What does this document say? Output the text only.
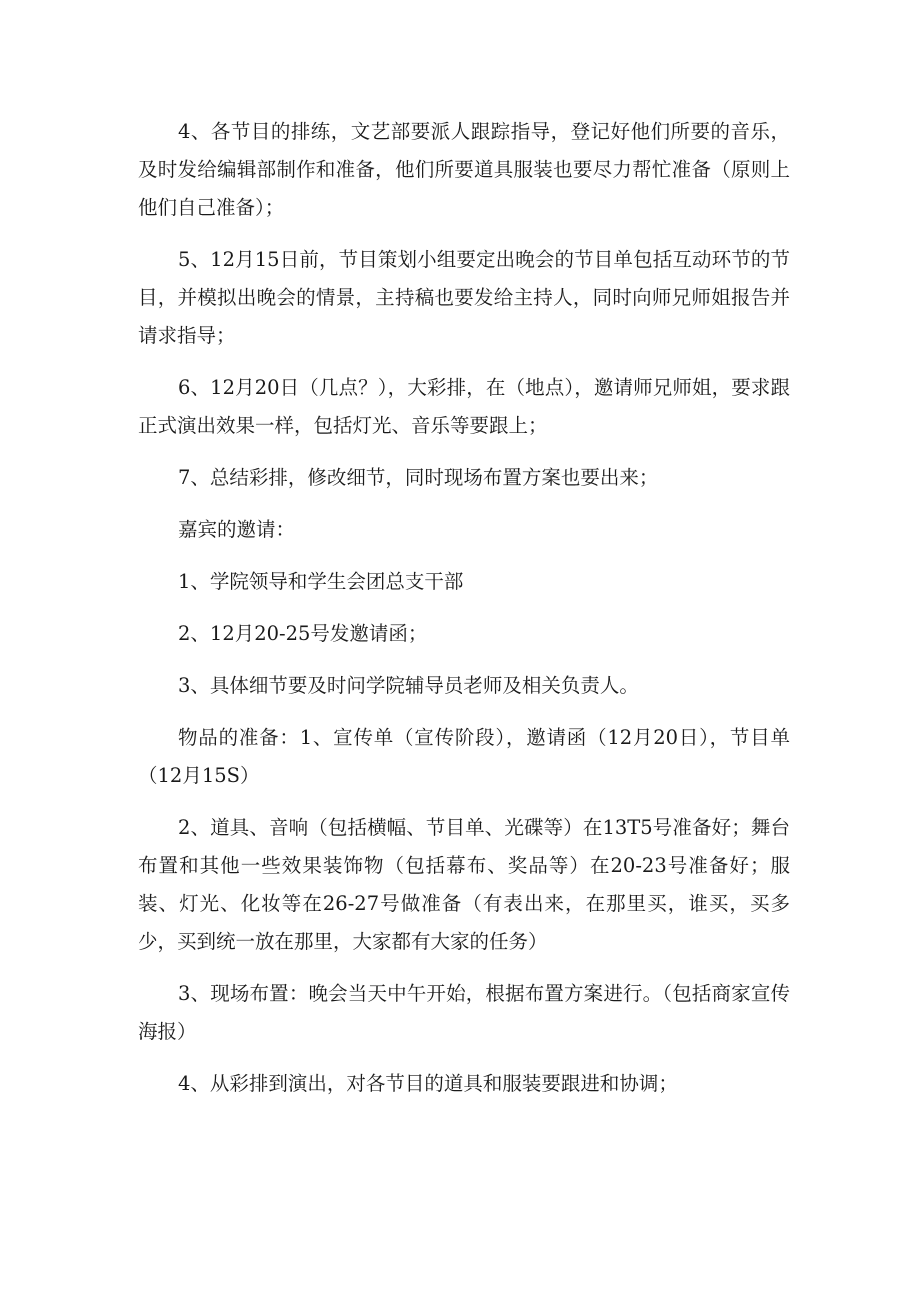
4、各节目的排练，文艺部要派人跟踪指导，登记好他们所要的音乐，及时发给编辑部制作和准备，他们所要道具服装也要尽力帮忙准备（原则上他们自己准备）；

5、12月15日前，节目策划小组要定出晚会的节目单包括互动环节的节目，并模拟出晚会的情景，主持稿也要发给主持人，同时向师兄师姐报告并请求指导；

6、12月20日（几点？），大彩排，在（地点），邀请师兄师姐，要求跟正式演出效果一样，包括灯光、音乐等要跟上；

7、总结彩排，修改细节，同时现场布置方案也要出来；

嘉宾的邀请：

1、学院领导和学生会团总支干部

2、12月20-25号发邀请函；

3、具体细节要及时问学院辅导员老师及相关负责人。

物品的准备：1、宣传单（宣传阶段），邀请函（12月20日），节目单（12月15S）

2、道具、音响（包括横幅、节目单、光碟等）在13T5号准备好；舞台布置和其他一些效果装饰物（包括幕布、奖品等）在20-23号准备好；服装、灯光、化妆等在26-27号做准备（有表出来，在那里买，谁买，买多少，买到统一放在那里，大家都有大家的任务）

3、现场布置：晚会当天中午开始，根据布置方案进行。（包括商家宣传海报）

4、从彩排到演出，对各节目的道具和服装要跟进和协调；
